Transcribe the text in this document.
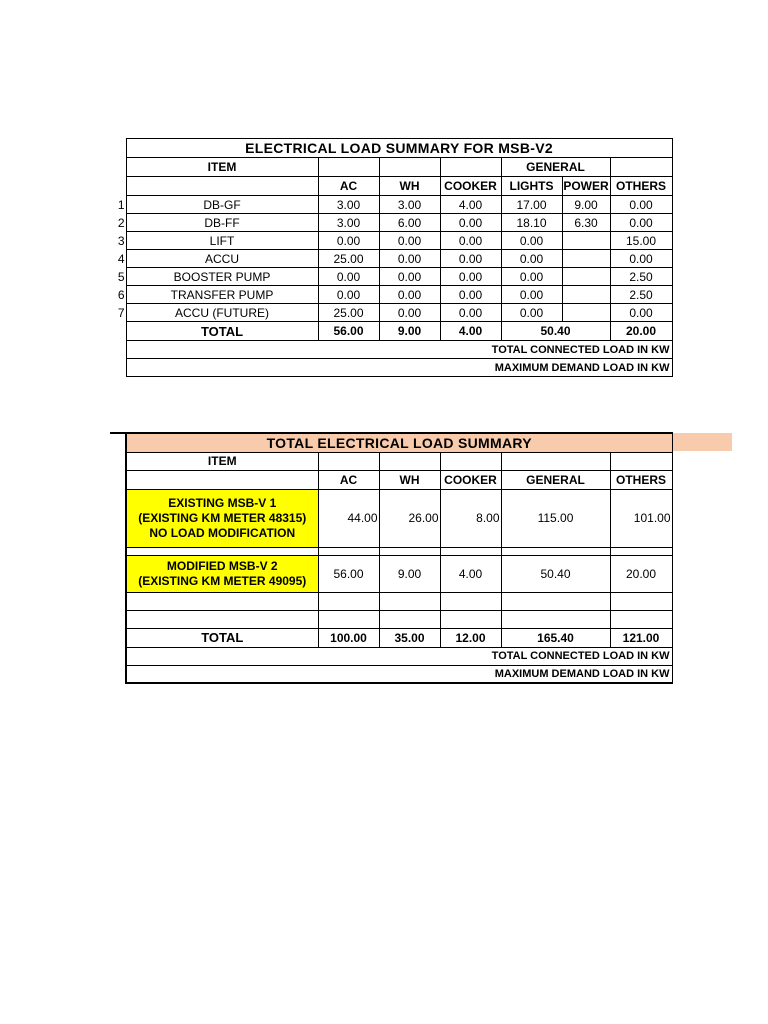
	ELECTRICAL LOAD SUMMARY FOR MSB-V2						
	ITEM				GENERAL		
		AC	WH	COOKER	LIGHTS	POWER	OTHERS
1	DB-GF	3.00	3.00	4.00	17.00	9.00	0.00
2	DB-FF	3.00	6.00	0.00	18.10	6.30	0.00
3	LIFT	0.00	0.00	0.00	0.00		15.00
4	ACCU	25.00	0.00	0.00	0.00		0.00
5	BOOSTER PUMP	0.00	0.00	0.00	0.00		2.50
6	TRANSFER PUMP	0.00	0.00	0.00	0.00		2.50
7	ACCU (FUTURE)	25.00	0.00	0.00	0.00		0.00
	TOTAL	56.00	9.00	4.00	50.40		20.00
	TOTAL CONNECTED LOAD IN KW						
	MAXIMUM DEMAND LOAD IN KW						
	TOTAL ELECTRICAL LOAD SUMMARY					
	ITEM					
		AC	WH	COOKER	GENERAL	OTHERS

	EXISTING MSB-V 1
(EXISTING KM METER 48315)
NO LOAD MODIFICATION	44.00	26.00	8.00	115.00	101.00

	MODIFIED MSB-V 2
(EXISTING KM METER 49095)	56.00	9.00	4.00	50.40	20.00

	TOTAL	100.00	35.00	12.00	165.40	121.00
	TOTAL CONNECTED LOAD IN KW					
	MAXIMUM DEMAND LOAD IN KW					
